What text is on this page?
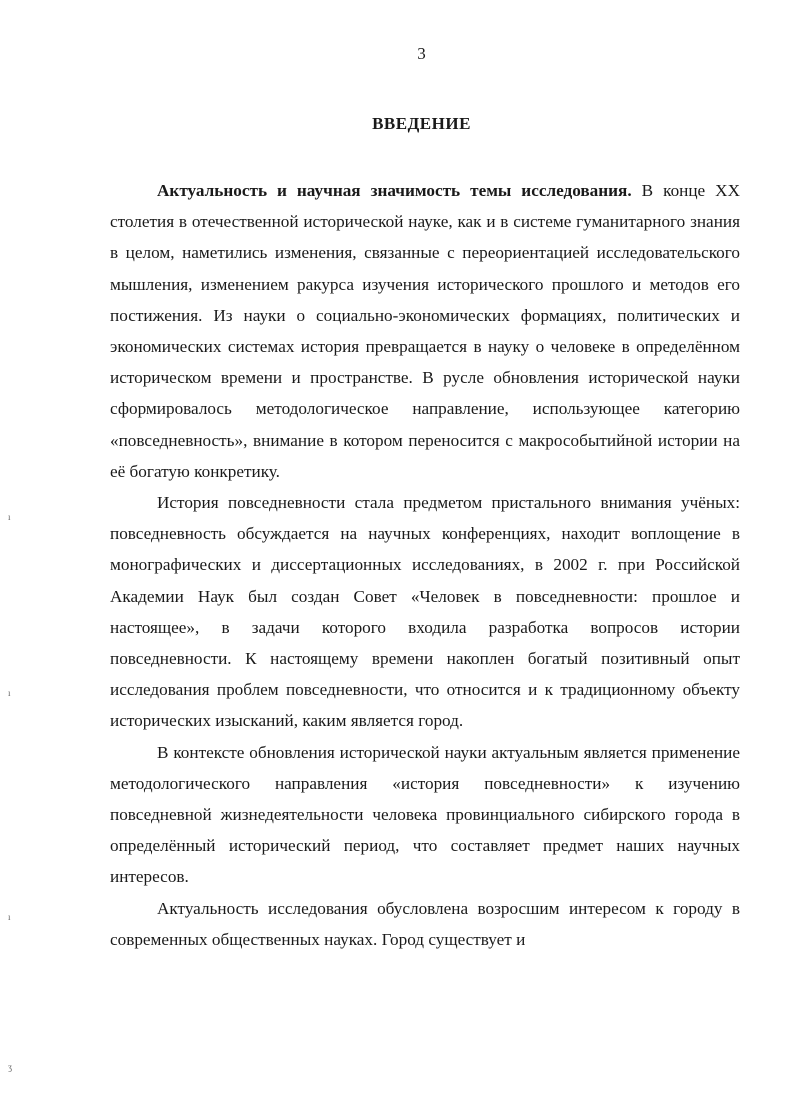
3
ВВЕДЕНИЕ

Актуальность и научная значимость темы исследования. В конце XX столетия в отечественной исторической науке, как и в системе гуманитарного знания в целом, наметились изменения, связанные с переориентацией исследовательского мышления, изменением ракурса изучения исторического прошлого и методов его постижения. Из науки о социально-экономических формациях, политических и экономических системах история превращается в науку о человеке в определённом историческом времени и пространстве. В русле обновления исторической науки сформировалось методологическое направление, использующее категорию «повседневность», внимание в котором переносится с макрособытийной истории на её богатую конкретику.

История повседневности стала предметом пристального внимания учёных: повседневность обсуждается на научных конференциях, находит воплощение в монографических и диссертационных исследованиях, в 2002 г. при Российской Академии Наук был создан Совет «Человек в повседневности: прошлое и настоящее», в задачи которого входила разработка вопросов истории повседневности. К настоящему времени накоплен богатый позитивный опыт исследования проблем повседневности, что относится и к традиционному объекту исторических изысканий, каким является город.

В контексте обновления исторической науки актуальным является применение методологического направления «история повседневности» к изучению повседневной жизнедеятельности человека провинциального сибирского города в определённый исторический период, что составляет предмет наших научных интересов.

Актуальность исследования обусловлена возросшим интересом к городу в современных общественных науках. Город существует и

ı
ı
ı
ʒ
